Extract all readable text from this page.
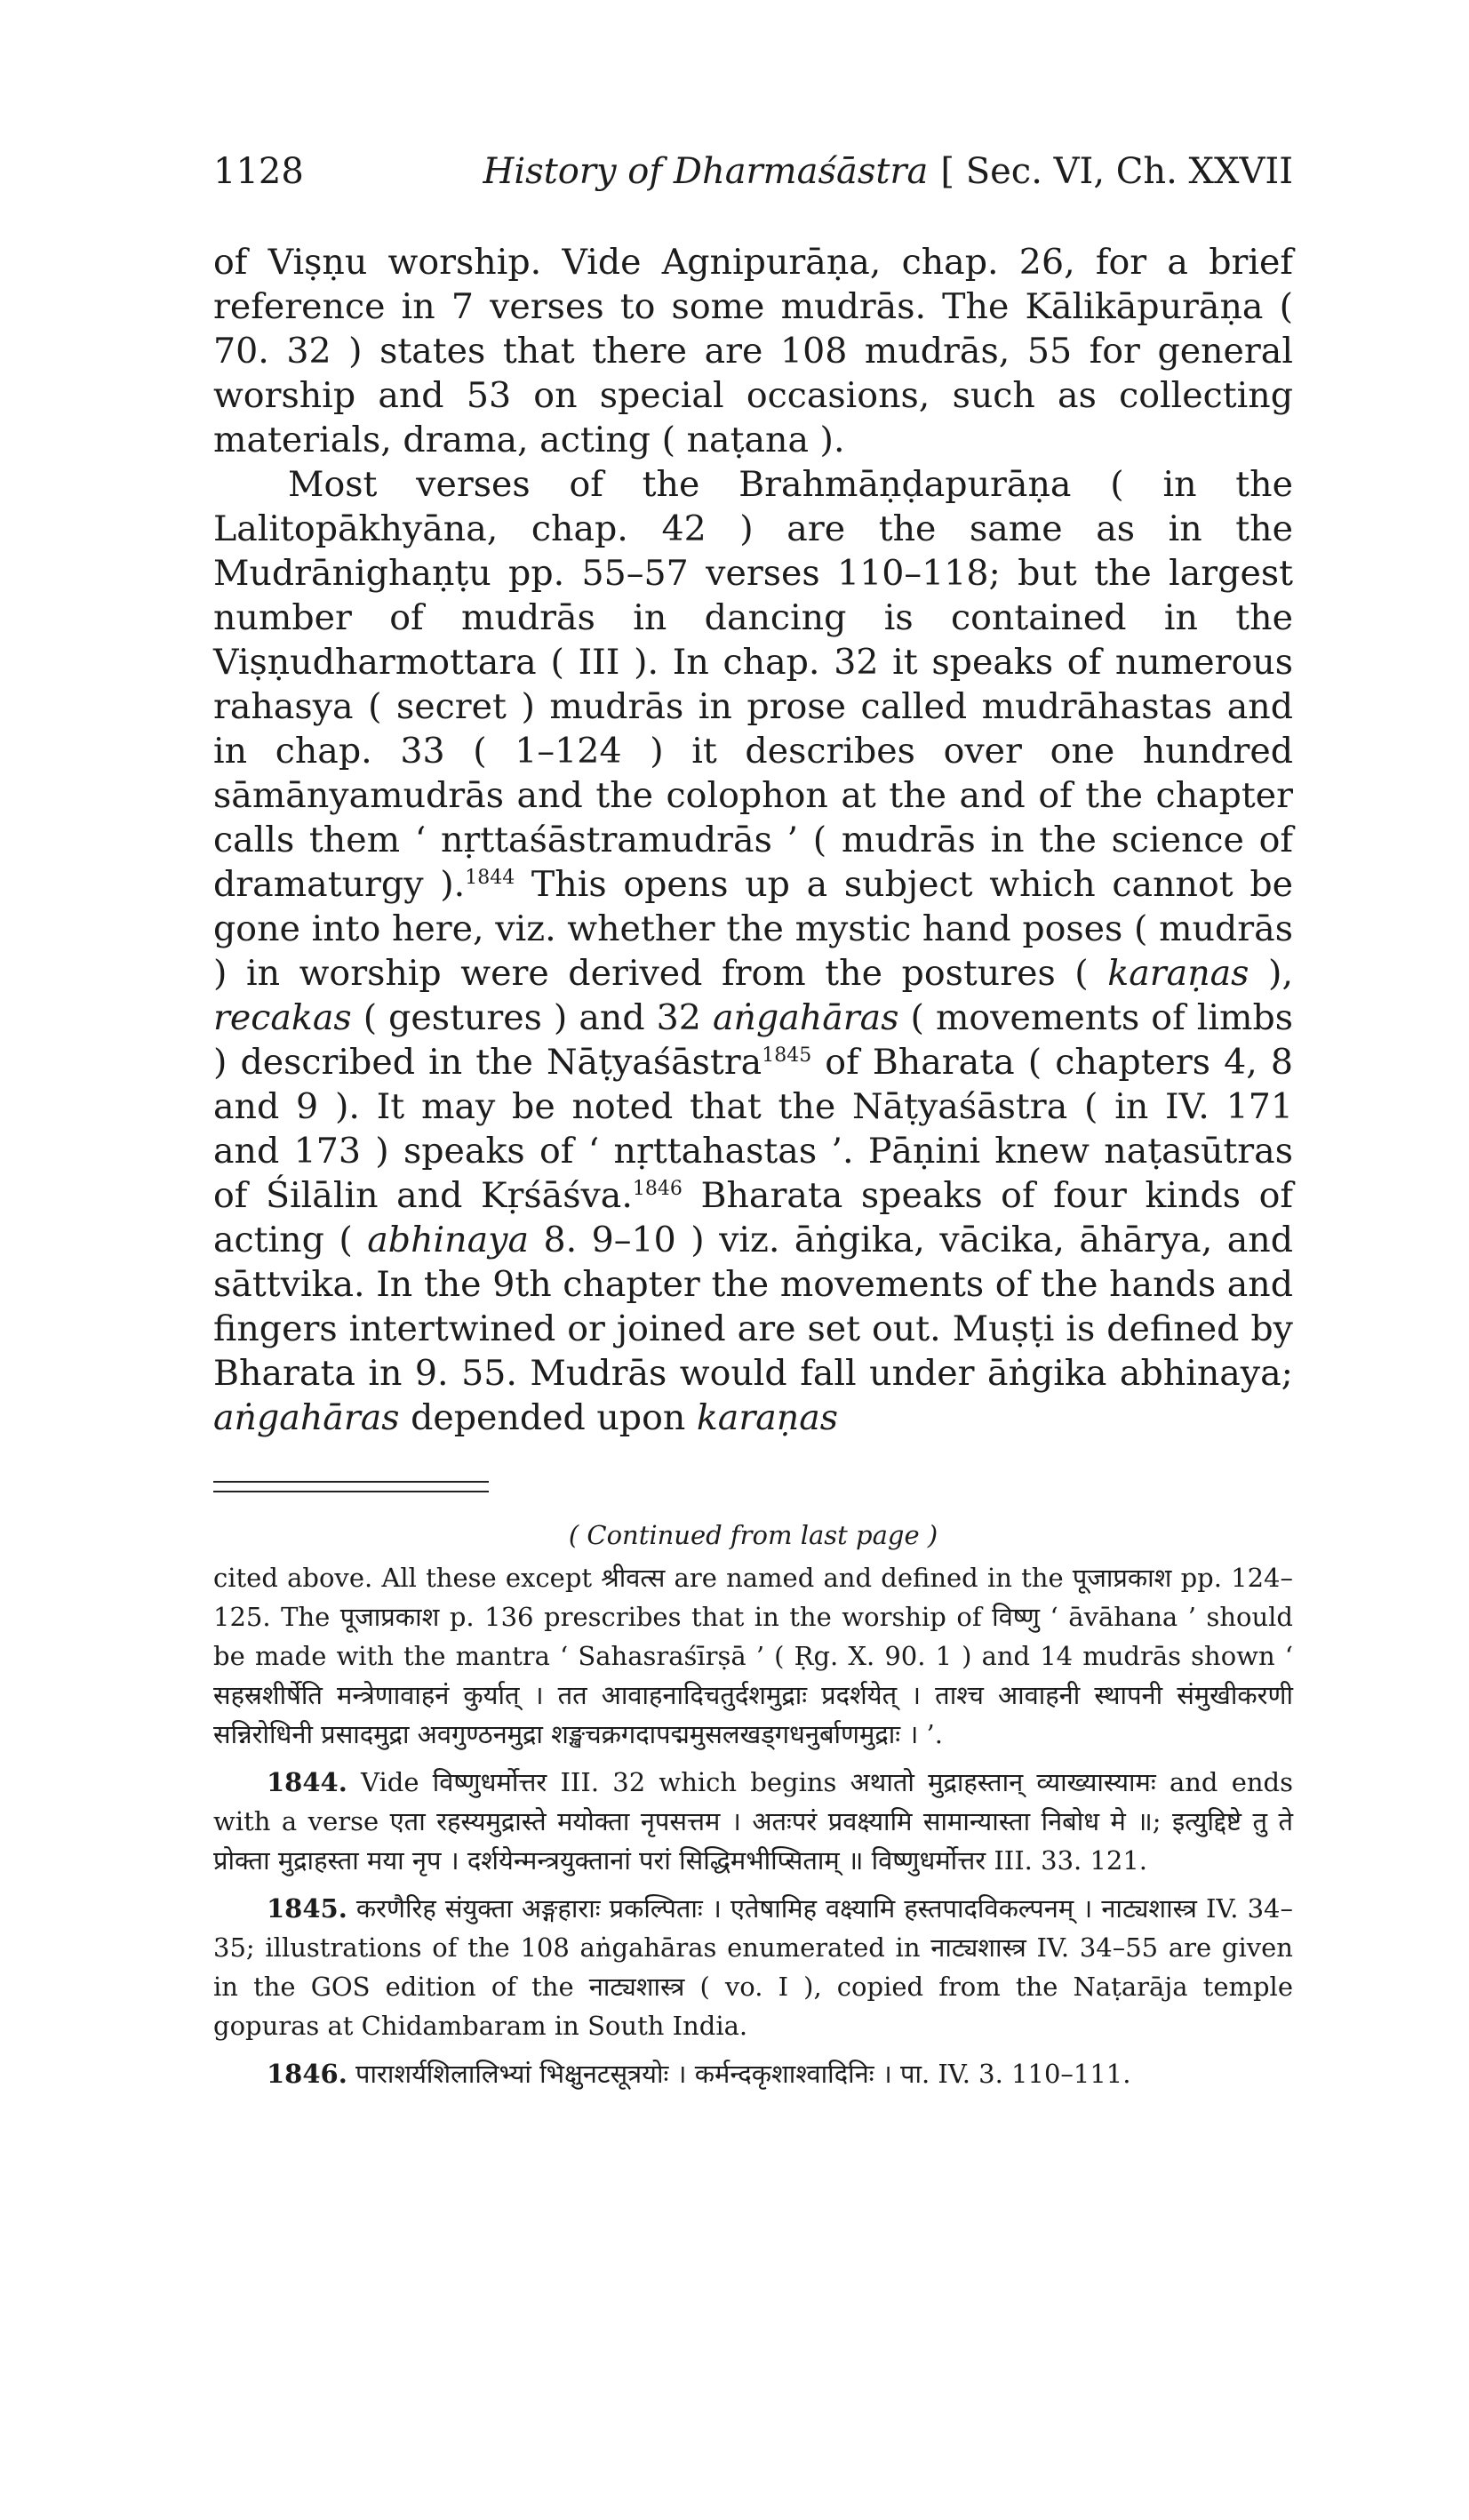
1128	History of Dharmaśāstra [ Sec. VI, Ch. XXVII

of Viṣṇu worship. Vide Agnipurāṇa, chap. 26, for a brief reference in 7 verses to some mudrās. The Kālikāpurāṇa ( 70. 32 ) states that there are 108 mudrās, 55 for general worship and 53 on special occasions, such as collecting materials, drama, acting ( naṭana ).

Most verses of the Brahmāṇḍapurāṇa ( in the Lalitopākhyāna, chap. 42 ) are the same as in the Mudrānighaṇṭu pp. 55–57 verses 110–118; but the largest number of mudrās in dancing is contained in the Viṣṇudharmottara ( III ). In chap. 32 it speaks of numerous rahasya ( secret ) mudrās in prose called mudrāhastas and in chap. 33 ( 1–124 ) it describes over one hundred sāmānyamudrās and the colophon at the and of the chapter calls them ‘ nṛttaśāstramudrās ’ ( mudrās in the science of dramaturgy ).$^{1844}$ This opens up a subject which cannot be gone into here, viz. whether the mystic hand poses ( mudrās ) in worship were derived from the postures ( karaṇas ), recakas ( gestures ) and 32 aṅgahāras ( movements of limbs ) described in the Nāṭyaśāstra$^{1845}$ of Bharata ( chapters 4, 8 and 9 ). It may be noted that the Nāṭyaśāstra ( in IV. 171 and 173 ) speaks of ‘ nṛttahastas ’. Pāṇini knew naṭasūtras of Śilālin and Kṛśāśva.$^{1846}$ Bharata speaks of four kinds of acting ( abhinaya 8. 9–10 ) viz. āṅgika, vācika, āhārya, and sāttvika. In the 9th chapter the movements of the hands and fingers intertwined or joined are set out. Muṣṭi is defined by Bharata in 9. 55. Mudrās would fall under āṅgika abhinaya; aṅgahāras depended upon karaṇas

( Continued from last page )

cited above. All these except श्रीवत्स are named and defined in the पूजाप्रकाश pp. 124–125. The पूजाप्रकाश p. 136 prescribes that in the worship of विष्णु ‘ āvāhana ’ should be made with the mantra ‘ Sahasraśīrṣā ’ ( Ṛg. X. 90. 1 ) and 14 mudrās shown ‘ सहस्रशीर्षेति मन्त्रेणावाहनं कुर्यात् । तत आवाहनादिचतुर्दशमुद्राः प्रदर्शयेत् । ताश्च आवाहनी स्थापनी संमुखीकरणी सन्निरोधिनी प्रसादमुद्रा अवगुण्ठनमुद्रा शङ्खचक्रगदापद्ममुसलखड्गधनुर्बाणमुद्राः । ’.

1844. Vide विष्णुधर्मोत्तर III. 32 which begins अथातो मुद्राहस्तान् व्याख्यास्यामः and ends with a verse एता रहस्यमुद्रास्ते मयोक्ता नृपसत्तम । अतःपरं प्रवक्ष्यामि सामान्यास्ता निबोध मे ॥; इत्युद्दिष्टे तु ते प्रोक्ता मुद्राहस्ता मया नृप । दर्शयेन्मन्त्रयुक्तानां परां सिद्धिमभीप्सिताम् ॥ विष्णुधर्मोत्तर III. 33. 121.

1845. करणैरिह संयुक्ता अङ्गहाराः प्रकल्पिताः । एतेषामिह वक्ष्यामि हस्तपादविकल्पनम् । नाट्यशास्त्र IV. 34–35; illustrations of the 108 aṅgahāras enumerated in नाट्यशास्त्र IV. 34–55 are given in the GOS edition of the नाट्यशास्त्र ( vo. I ), copied from the Naṭarāja temple gopuras at Chidambaram in South India.

1846. पाराशर्यशिलालिभ्यां भिक्षुनटसूत्रयोः । कर्मन्दकृशाश्वादिनिः । पा. IV. 3. 110–111.
